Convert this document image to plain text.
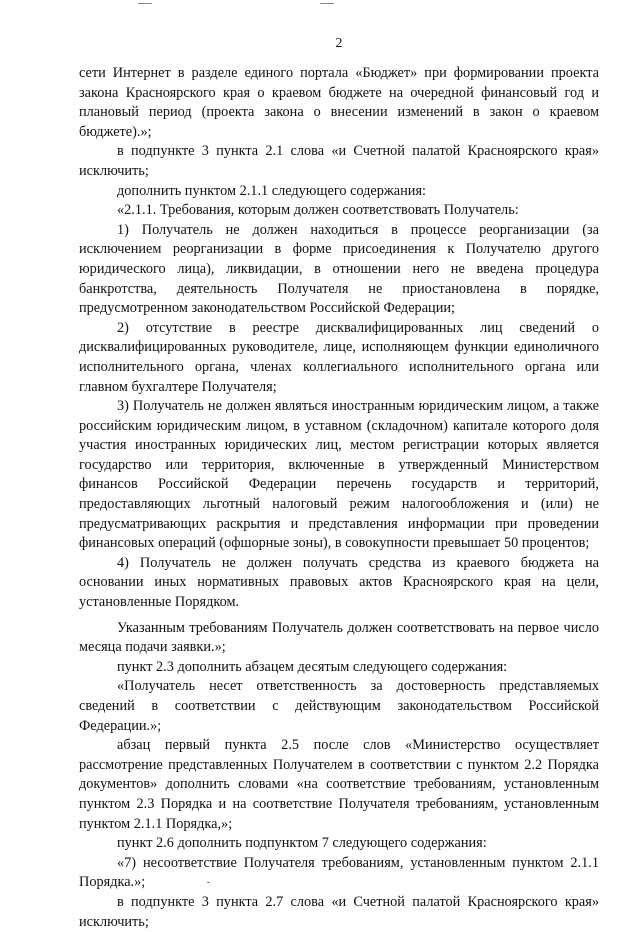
2

сети Интернет в разделе единого портала «Бюджет» при формировании проекта закона Красноярского края о краевом бюджете на очередной финансовый год и плановый период (проекта закона о внесении изменений в закон о краевом бюджете).»;

в подпункте 3 пункта 2.1 слова «и Счетной палатой Красноярского края» исключить;

дополнить пунктом 2.1.1 следующего содержания:

«2.1.1. Требования, которым должен соответствовать Получатель:

1) Получатель не должен находиться в процессе реорганизации (за исключением реорганизации в форме присоединения к Получателю другого юридического лица), ликвидации, в отношении него не введена процедура банкротства, деятельность Получателя не приостановлена в порядке, предусмотренном законодательством Российской Федерации;

2) отсутствие в реестре дисквалифицированных лиц сведений о дисквалифицированных руководителе, лице, исполняющем функции единоличного исполнительного органа, членах коллегиального исполнительного органа или главном бухгалтере Получателя;

3) Получатель не должен являться иностранным юридическим лицом, а также российским юридическим лицом, в уставном (складочном) капитале которого доля участия иностранных юридических лиц, местом регистрации которых является государство или территория, включенные в утвержденный Министерством финансов Российской Федерации перечень государств и территорий, предоставляющих льготный налоговый режим налогообложения и (или) не предусматривающих раскрытия и представления информации при проведении финансовых операций (офшорные зоны), в совокупности превышает 50 процентов;

4) Получатель не должен получать средства из краевого бюджета на основании иных нормативных правовых актов Красноярского края на цели, установленные Порядком.

Указанным требованиям Получатель должен соответствовать на первое число месяца подачи заявки.»;

пункт 2.3 дополнить абзацем десятым следующего содержания:

«Получатель несет ответственность за достоверность представляемых сведений в соответствии с действующим законодательством Российской Федерации.»;

абзац первый пункта 2.5 после слов «Министерство осуществляет рассмотрение представленных Получателем в соответствии с пунктом 2.2 Порядка документов» дополнить словами «на соответствие требованиям, установленным пунктом 2.3 Порядка и на соответствие Получателя требованиям, установленным пунктом 2.1.1 Порядка,»;

пункт 2.6 дополнить подпунктом 7 следующего содержания:

«7) несоответствие Получателя требованиям, установленным пунктом 2.1.1 Порядка.»;

в подпункте 3 пункта 2.7 слова «и Счетной палатой Красноярского края» исключить;
